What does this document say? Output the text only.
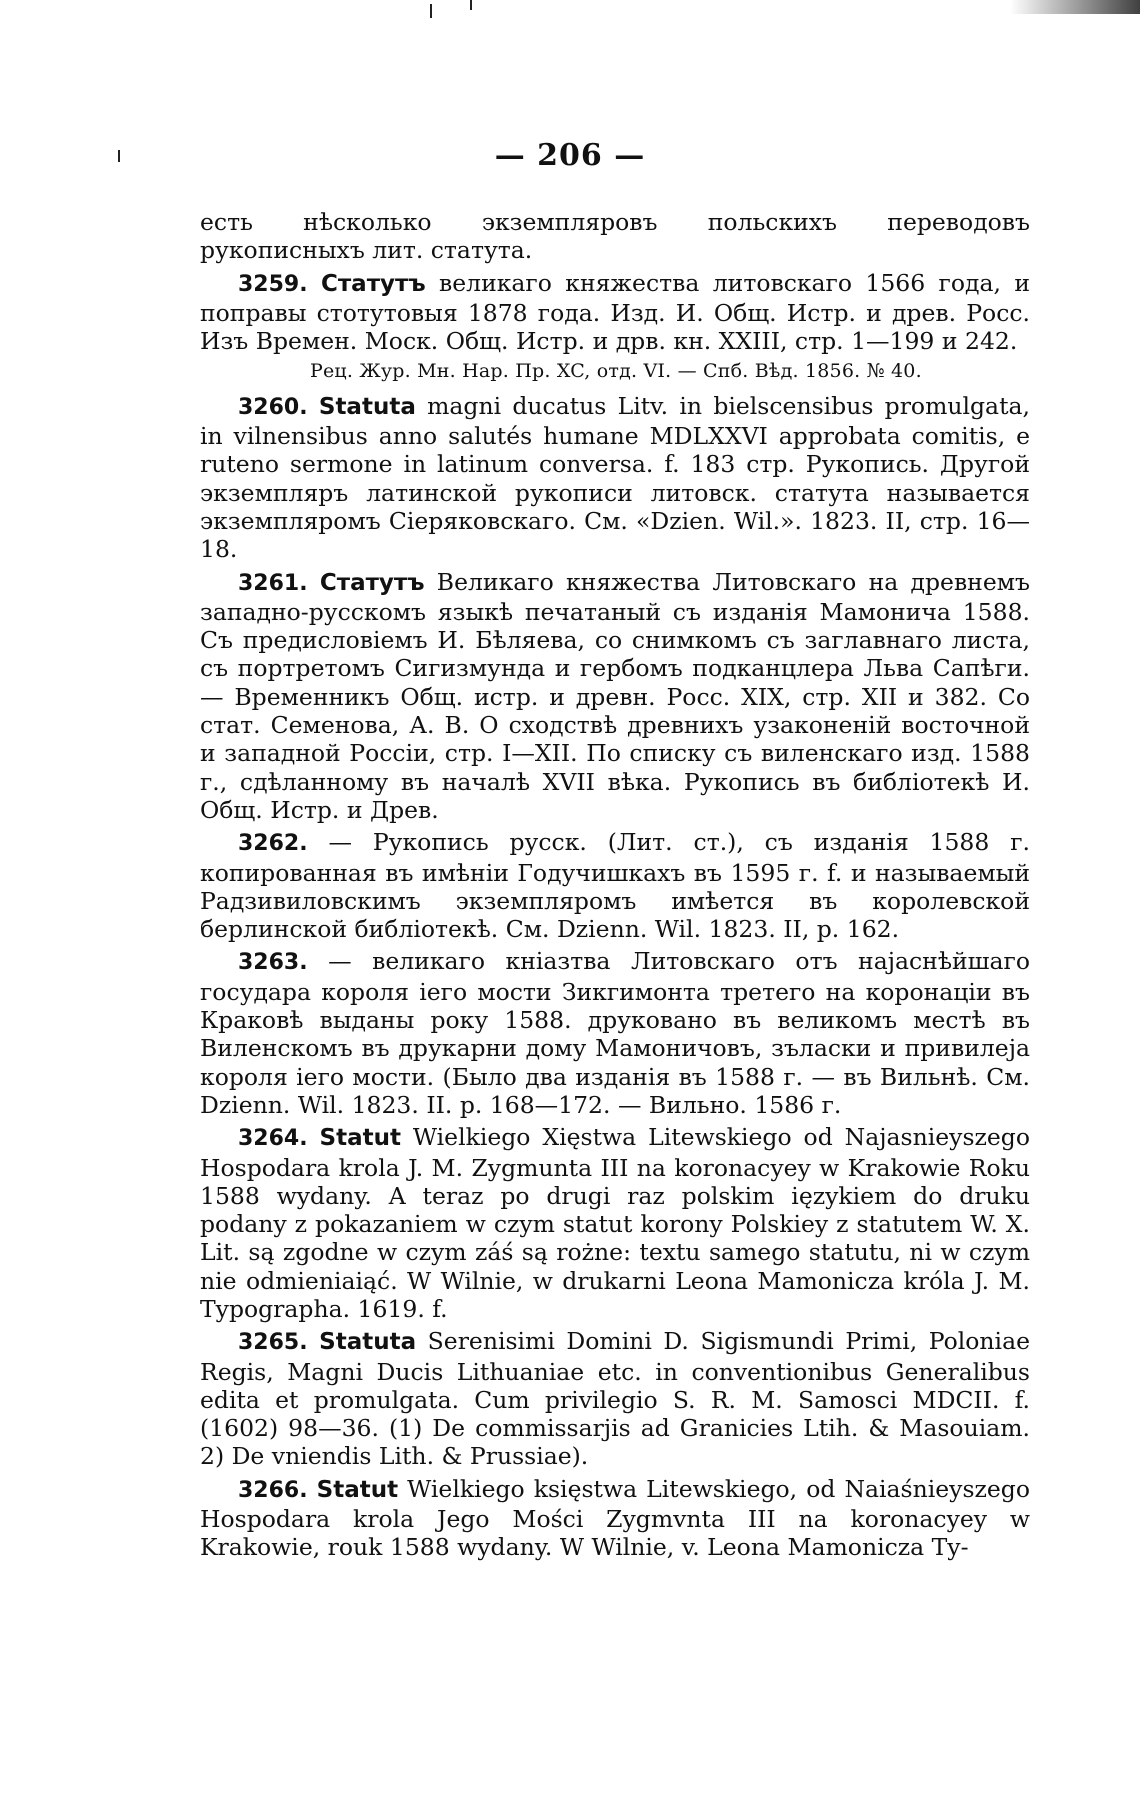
— 206 —

есть нѣсколько экземпляровъ польскихъ переводовъ рукописныхъ лит. статута.

3259. Статутъ великаго княжества литовскаго 1566 года, и поправы стотутовыя 1878 года. Изд. И. Общ. Истр. и древ. Росс. Изъ Времен. Моск. Общ. Истр. и дрв. кн. XXIII, стр. 1—199 и 242.

Рец. Жур. Мн. Нар. Пр. XC, отд. VI. — Спб. Вѣд. 1856. № 40.

3260. Statuta magni ducatus Litv. in bielscensibus promulgata, in vilnensibus anno salutés humane MDLXXVI approbata comitis, e ruteno sermone in latinum conversa. f. 183 стр. Рукопись. Другой экземпляръ латинской рукописи литовск. статута называется экземпляромъ Сіеряковскаго. См. «Dzien. Wil.». 1823. II, стр. 16—18.

3261. Статутъ Великаго княжества Литовскаго на древнемъ западно-русскомъ языкѣ печатаный съ изданія Мамонича 1588. Съ предисловіемъ И. Бѣляева, со снимкомъ съ заглавнаго листа, съ портретомъ Сигизмунда и гербомъ подканцлера Льва Сапѣги. — Временникъ Общ. истр. и древн. Росс. XIX, стр. XII и 382. Со стат. Семенова, А. В. О сходствѣ древнихъ узаконеній восточной и западной Россіи, стр. I—XII. По списку съ виленскаго изд. 1588 г., сдѣланному въ началѣ XVII вѣка. Рукопись въ библіотекѣ И. Общ. Истр. и Древ.

3262. — Рукопись русск. (Лит. ст.), съ изданія 1588 г. копированная въ имѣніи Годучишкахъ въ 1595 г. f. и называемый Радзивиловскимъ экземпляромъ имѣется въ королевской берлинской библіотекѣ. См. Dzienn. Wil. 1823. II, р. 162.

3263. — великаго кніазтва Литовскаго отъ најаснѣйшаго государа короля іего мости Зикгимонта третего на коронаціи въ Краковѣ выданы року 1588. друковано въ великомъ местѣ въ Виленскомъ въ друкарни дому Мамоничовъ, зъласки и привилеја короля іего мости. (Было два изданія въ 1588 г. — въ Вильнѣ. См. Dzienn. Wil. 1823. II. р. 168—172. — Вильно. 1586 г.

3264. Statut Wielkiego Xięstwa Litewskiego od Najasnieyszego Hospodara krola J. M. Zygmunta III na koronacyey w Krakowie Roku 1588 wydany. A teraz po drugi raz polskim ięzykiem do druku podany z pokazaniem w czym statut korony Polskiey z statutem W. X. Lit. są zgodne w czym záś są rożne: textu samego statutu, ni w czym nie odmieniaiąć. W Wilnie, w drukarni Leona Mamonicza króla J. M. Typographa. 1619. f.

3265. Statuta Serenisimi Domini D. Sigismundi Primi, Poloniae Regis, Magni Ducis Lithuaniae etc. in conventionibus Generalibus edita et promulgata. Cum privilegio S. R. M. Samosci MDCII. f. (1602) 98—36. (1) De commissarjis ad Granicies Ltih. & Masouiam. 2) De vniendis Lith. & Prussiae).

3266. Statut Wielkiego księstwa Litewskiego, od Naiaśnieyszego Hospodara krola Jego Mości Zygmvnta III na koronacyey w Krakowie, rouk 1588 wydany. W Wilnie, v. Leona Mamonicza Ty-
